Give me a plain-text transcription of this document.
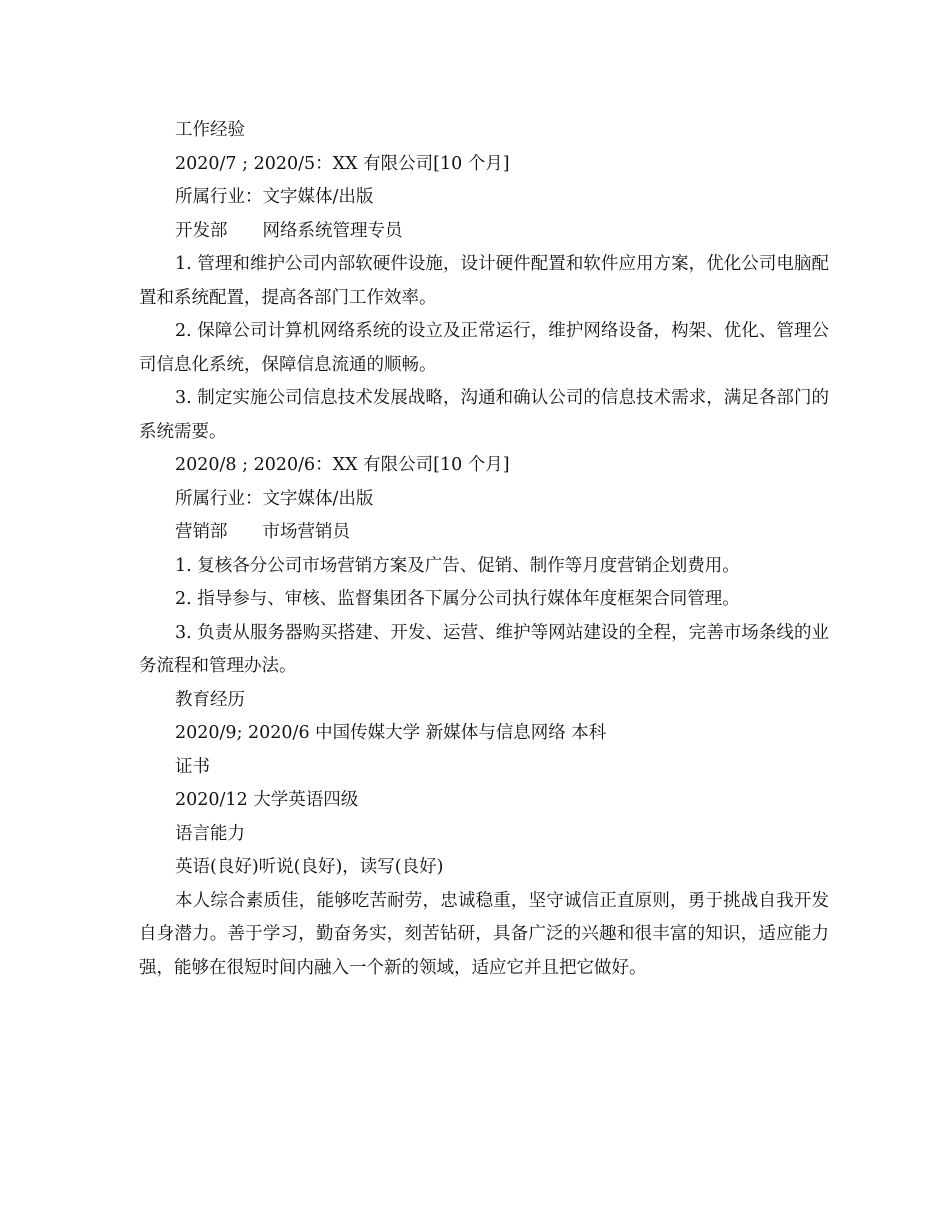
工作经验
2020/7 ; 2020/5：XX 有限公司[10 个月]
所属行业：文字媒体/出版
开发部　　网络系统管理专员

1. 管理和维护公司内部软硬件设施，设计硬件配置和软件应用方案，优化公司电脑配置和系统配置，提高各部门工作效率。

2. 保障公司计算机网络系统的设立及正常运行，维护网络设备，构架、优化、管理公司信息化系统，保障信息流通的顺畅。

3. 制定实施公司信息技术发展战略，沟通和确认公司的信息技术需求，满足各部门的系统需要。

2020/8 ; 2020/6：XX 有限公司[10 个月]
所属行业：文字媒体/出版
营销部　　市场营销员

1. 复核各分公司市场营销方案及广告、促销、制作等月度营销企划费用。

2. 指导参与、审核、监督集团各下属分公司执行媒体年度框架合同管理。

3. 负责从服务器购买搭建、开发、运营、维护等网站建设的全程，完善市场条线的业务流程和管理办法。

教育经历
2020/9; 2020/6 中国传媒大学 新媒体与信息网络 本科
证书
2020/12 大学英语四级
语言能力
英语(良好)听说(良好)，读写(良好)

本人综合素质佳，能够吃苦耐劳，忠诚稳重，坚守诚信正直原则，勇于挑战自我开发自身潜力。善于学习，勤奋务实，刻苦钻研，具备广泛的兴趣和很丰富的知识，适应能力强，能够在很短时间内融入一个新的领域，适应它并且把它做好。
